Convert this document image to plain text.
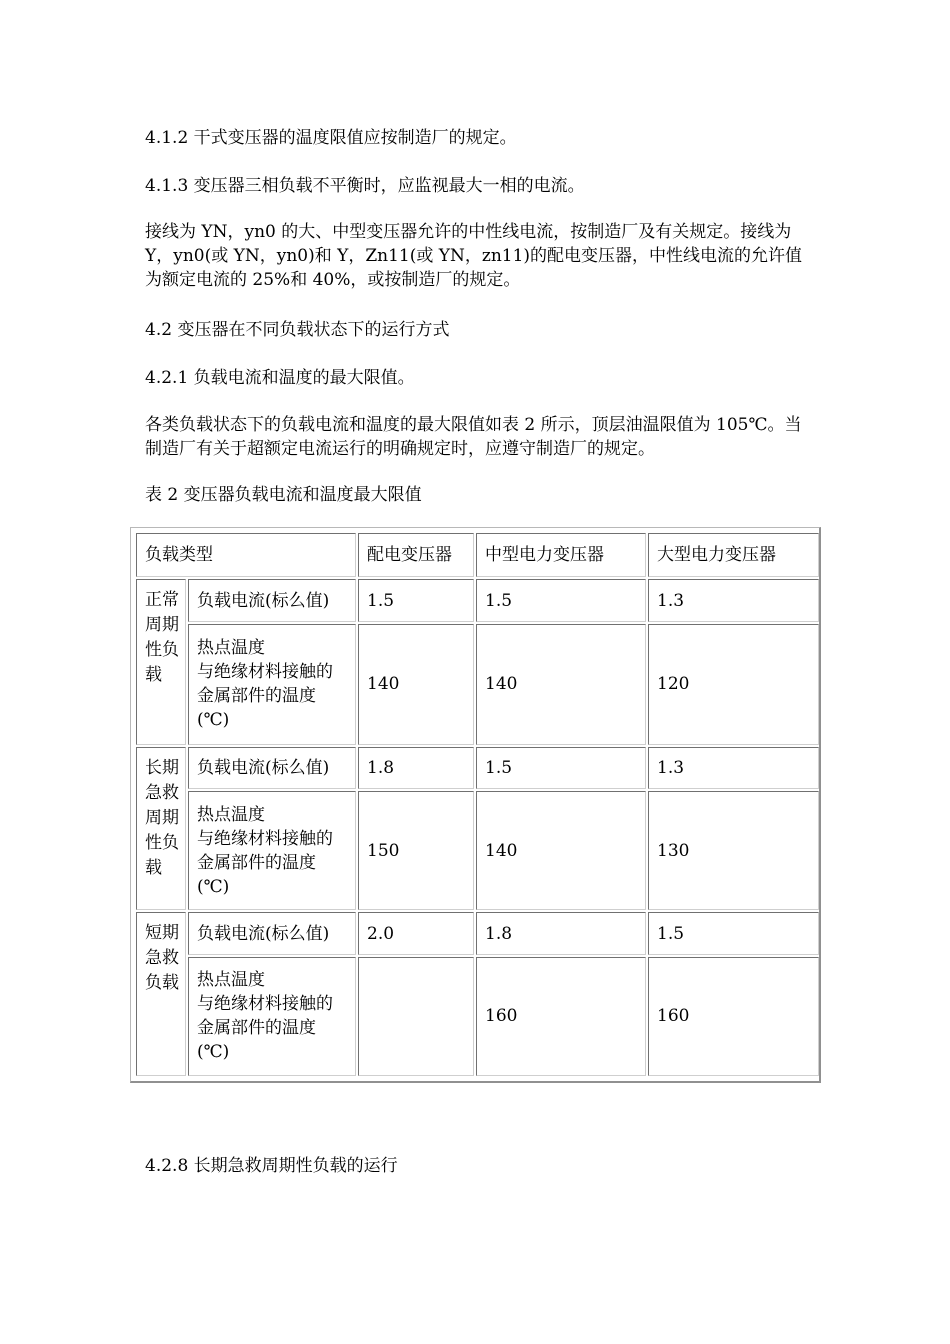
4.1.2 干式变压器的温度限值应按制造厂的规定。

4.1.3 变压器三相负载不平衡时，应监视最大一相的电流。

接线为 YN，yn0 的大、中型变压器允许的中性线电流，按制造厂及有关规定。接线为 Y，yn0(或 YN，yn0)和 Y，Zn11(或 YN，zn11)的配电变压器，中性线电流的允许值为额定电流的 25%和 40%，或按制造厂的规定。

4.2 变压器在不同负载状态下的运行方式

4.2.1 负载电流和温度的最大限值。

各类负载状态下的负载电流和温度的最大限值如表 2 所示，顶层油温限值为 105℃。当制造厂有关于超额定电流运行的明确规定时，应遵守制造厂的规定。

表 2 变压器负载电流和温度最大限值

4.2.8 长期急救周期性负载的运行

负载类型		配电变压器	中型电力变压器	大型电力变压器
正常周期性负载	负载电流(标么值)	1.5	1.5	1.3

	热点温度
与绝缘材料接触的
金属部件的温度
(℃)	140	140	120
长期急救周期性负载	负载电流(标么值)	1.8	1.5	1.3

	热点温度
与绝缘材料接触的
金属部件的温度
(℃)	150	140	130
短期急救负载	负载电流(标么值)	2.0	1.8	1.5

	热点温度
与绝缘材料接触的
金属部件的温度
(℃)		160	160
